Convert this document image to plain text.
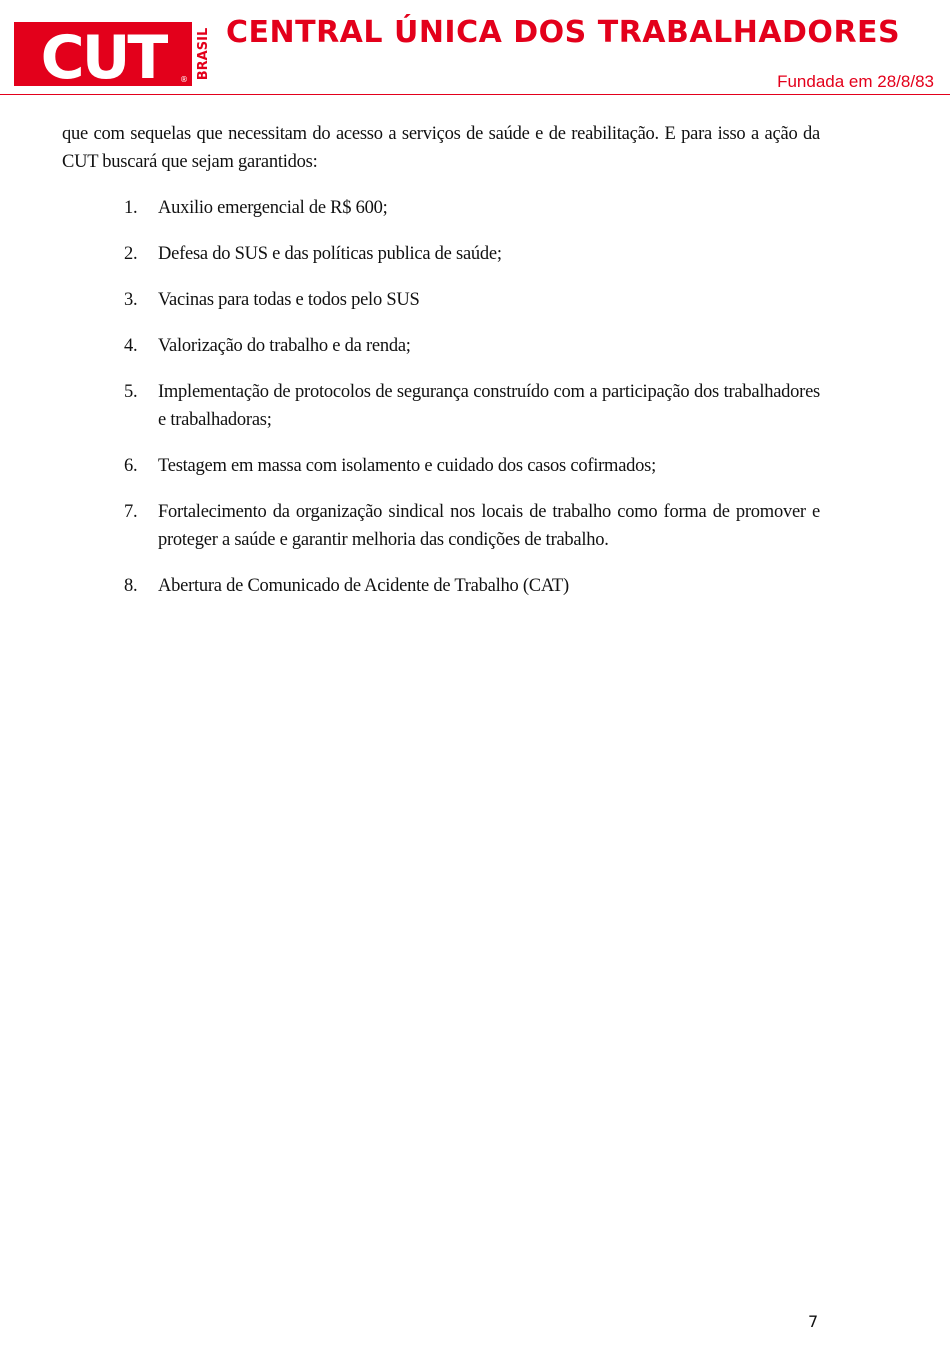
CUT	® BRASIL CENTRAL ÚNICA DOS TRABALHADORES
Fundada em 28/8/83

que com sequelas que necessitam do acesso a serviços de saúde e de reabilitação. E para isso a ação da CUT buscará que sejam garantidos:

1. Auxilio emergencial de R$ 600;
2. Defesa do SUS e das políticas publica de saúde;
3. Vacinas para todas e todos pelo SUS
4. Valorização do trabalho e da renda;
5. Implementação de protocolos de segurança construído com a participação dos trabalhadores e trabalhadoras;
6. Testagem em massa com isolamento e cuidado dos casos cofirmados;
7. Fortalecimento da organização sindical nos locais de trabalho como forma de promover e proteger a saúde e garantir melhoria das condições de trabalho.
8. Abertura de Comunicado de Acidente de Trabalho (CAT)
7
